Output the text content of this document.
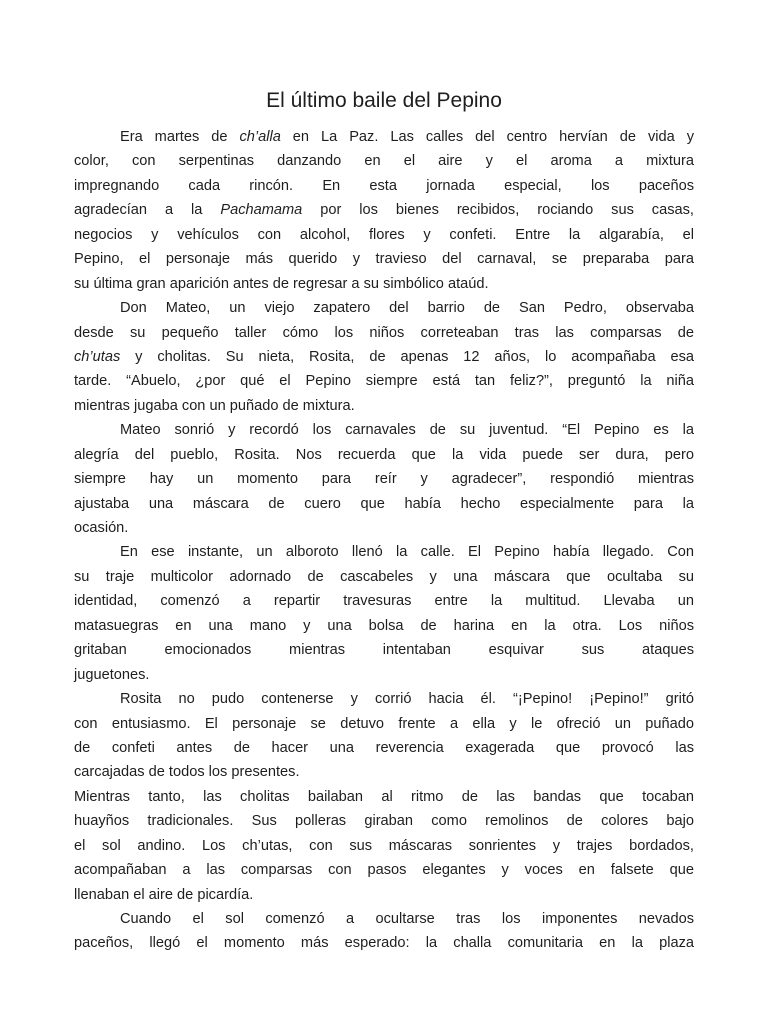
El último baile del Pepino
Era martes de ch’alla en La Paz. Las calles del centro hervían de vida y
color, con serpentinas danzando en el aire y el aroma a mixtura
impregnando cada rincón. En esta jornada especial, los paceños
agradecían a la Pachamama por los bienes recibidos, rociando sus casas,
negocios y vehículos con alcohol, flores y confeti. Entre la algarabía, el
Pepino, el personaje más querido y travieso del carnaval, se preparaba para
su última gran aparición antes de regresar a su simbólico ataúd.
Don Mateo, un viejo zapatero del barrio de San Pedro, observaba
desde su pequeño taller cómo los niños correteaban tras las comparsas de
ch’utas y cholitas. Su nieta, Rosita, de apenas 12 años, lo acompañaba esa
tarde. “Abuelo, ¿por qué el Pepino siempre está tan feliz?”, preguntó la niña
mientras jugaba con un puñado de mixtura.
Mateo sonrió y recordó los carnavales de su juventud. “El Pepino es la
alegría del pueblo, Rosita. Nos recuerda que la vida puede ser dura, pero
siempre hay un momento para reír y agradecer”, respondió mientras
ajustaba una máscara de cuero que había hecho especialmente para la
ocasión.
En ese instante, un alboroto llenó la calle. El Pepino había llegado. Con
su traje multicolor adornado de cascabeles y una máscara que ocultaba su
identidad, comenzó a repartir travesuras entre la multitud. Llevaba un
matasuegras en una mano y una bolsa de harina en la otra. Los niños
gritaban emocionados mientras intentaban esquivar sus ataques
juguetones.
Rosita no pudo contenerse y corrió hacia él. “¡Pepino! ¡Pepino!” gritó
con entusiasmo. El personaje se detuvo frente a ella y le ofreció un puñado
de confeti antes de hacer una reverencia exagerada que provocó las
carcajadas de todos los presentes.
Mientras tanto, las cholitas bailaban al ritmo de las bandas que tocaban
huayños tradicionales. Sus polleras giraban como remolinos de colores bajo
el sol andino. Los ch’utas, con sus máscaras sonrientes y trajes bordados,
acompañaban a las comparsas con pasos elegantes y voces en falsete que
llenaban el aire de picardía.
Cuando el sol comenzó a ocultarse tras los imponentes nevados
paceños, llegó el momento más esperado: la challa comunitaria en la plaza
